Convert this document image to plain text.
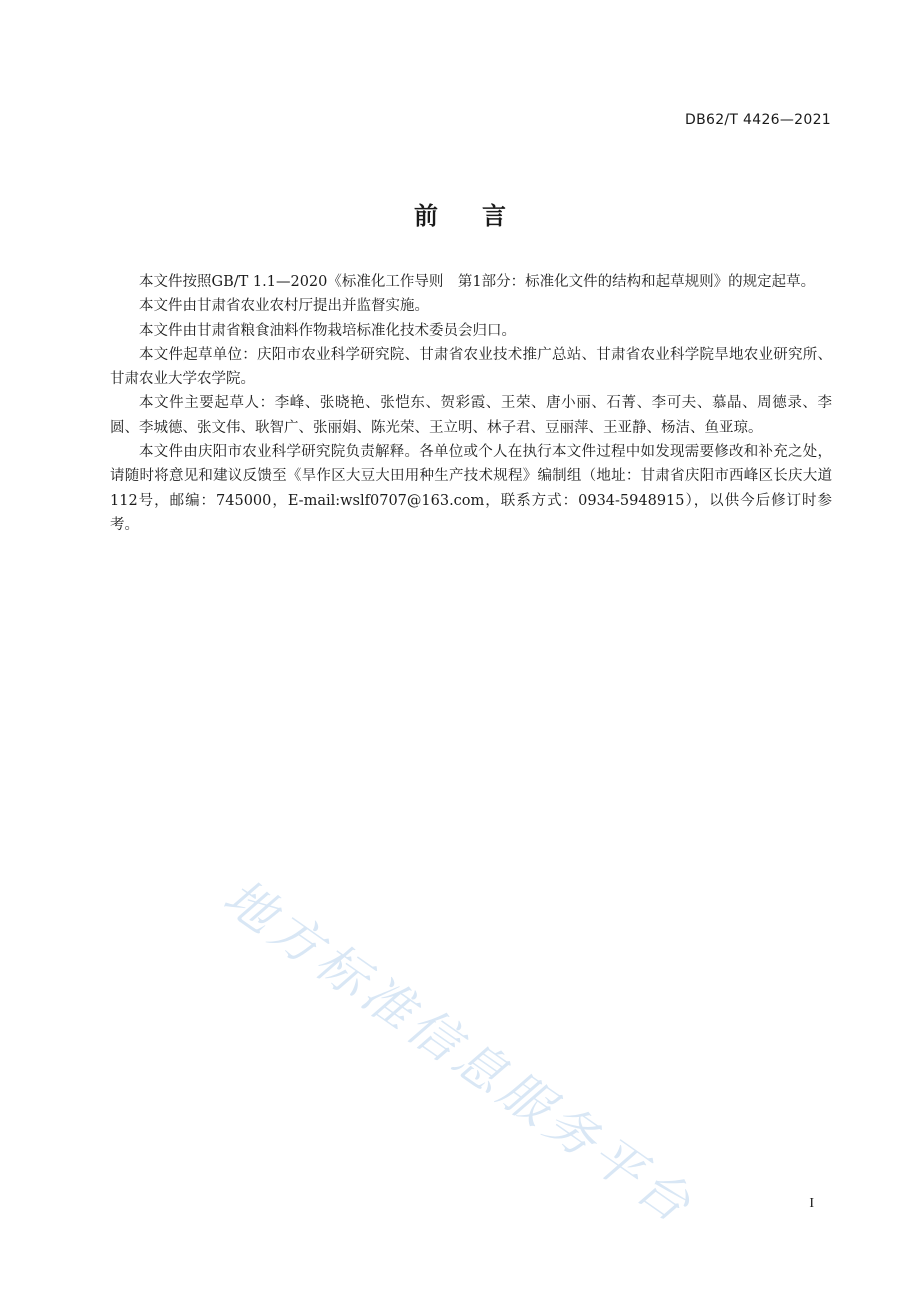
DB62/T 4426—2021
前 言

本文件按照GB/T 1.1—2020《标准化工作导则　第1部分：标准化文件的结构和起草规则》的规定起草。

本文件由甘肃省农业农村厅提出并监督实施。

本文件由甘肃省粮食油料作物栽培标准化技术委员会归口。

本文件起草单位：庆阳市农业科学研究院、甘肃省农业技术推广总站、甘肃省农业科学院旱地农业研究所、甘肃农业大学农学院。

本文件主要起草人：李峰、张晓艳、张恺东、贺彩霞、王荣、唐小丽、石菁、李可夫、慕晶、周德录、李圆、李城德、张文伟、耿智广、张丽娟、陈光荣、王立明、林子君、豆丽萍、王亚静、杨洁、鱼亚琼。

本文件由庆阳市农业科学研究院负责解释。各单位或个人在执行本文件过程中如发现需要修改和补充之处，请随时将意见和建议反馈至《旱作区大豆大田用种生产技术规程》编制组（地址：甘肃省庆阳市西峰区长庆大道112号，邮编：745000，E-mail:wslf0707@163.com，联系方式：0934-5948915），以供今后修订时参考。

地方标准信息服务平台	I
